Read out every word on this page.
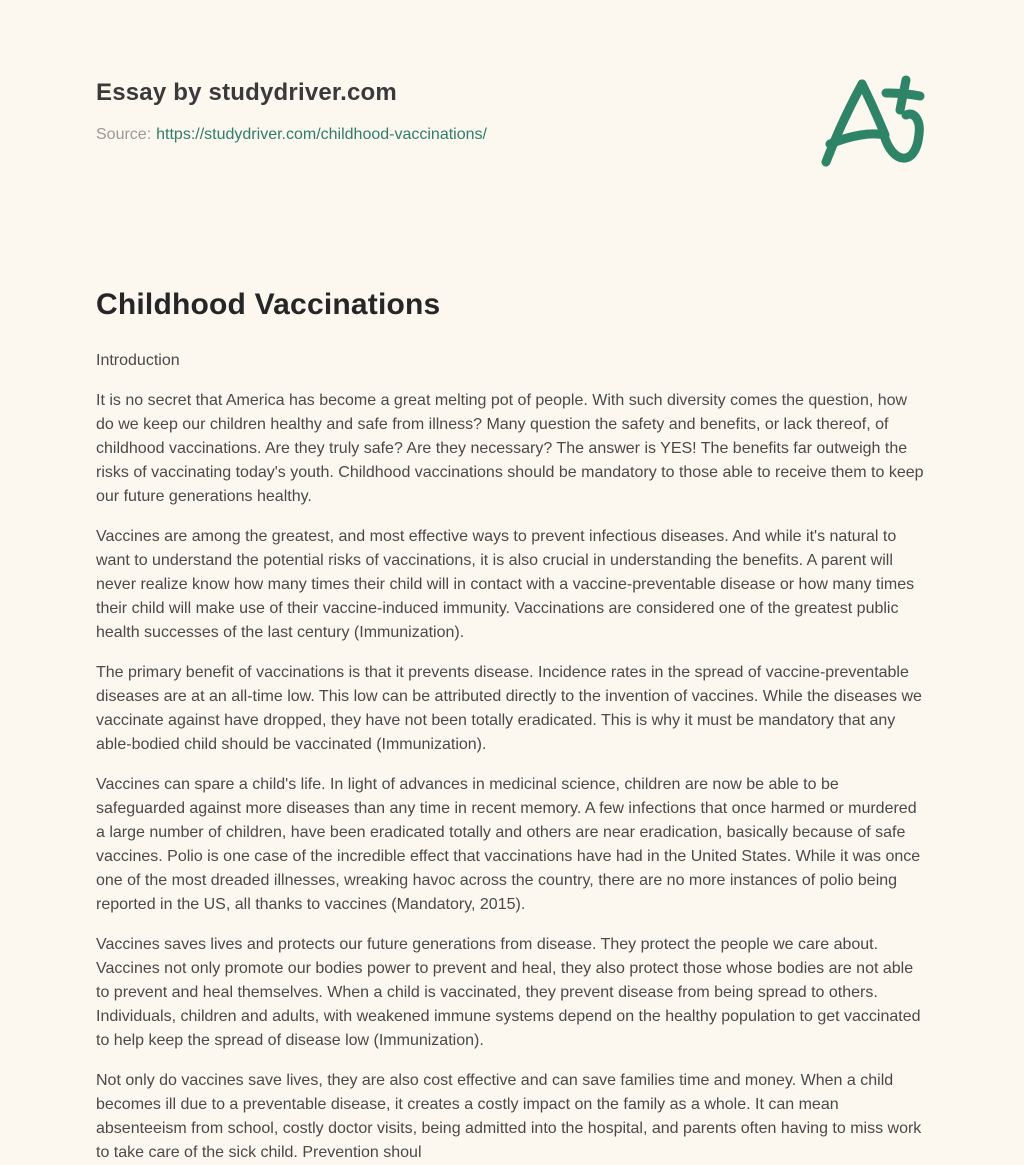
Essay by studydriver.com

Source: https://studydriver.com/childhood-vaccinations/

Childhood Vaccinations

Introduction

It is no secret that America has become a great melting pot of people. With such diversity comes the question, how do we keep our children healthy and safe from illness? Many question the safety and benefits, or lack thereof, of childhood vaccinations. Are they truly safe? Are they necessary? The answer is YES! The benefits far outweigh the risks of vaccinating today's youth. Childhood vaccinations should be mandatory to those able to receive them to keep our future generations healthy.

Vaccines are among the greatest, and most effective ways to prevent infectious diseases. And while it's natural to want to understand the potential risks of vaccinations, it is also crucial in understanding the benefits. A parent will never realize know how many times their child will in contact with a vaccine-preventable disease or how many times their child will make use of their vaccine-induced immunity. Vaccinations are considered one of the greatest public health successes of the last century (Immunization).

The primary benefit of vaccinations is that it prevents disease. Incidence rates in the spread of vaccine-preventable diseases are at an all-time low. This low can be attributed directly to the invention of vaccines. While the diseases we vaccinate against have dropped, they have not been totally eradicated. This is why it must be mandatory that any able-bodied child should be vaccinated (Immunization).

Vaccines can spare a child's life. In light of advances in medicinal science, children are now be able to be safeguarded against more diseases than any time in recent memory. A few infections that once harmed or murdered a large number of children, have been eradicated totally and others are near eradication, basically because of safe vaccines. Polio is one case of the incredible effect that vaccinations have had in the United States. While it was once one of the most dreaded illnesses, wreaking havoc across the country, there are no more instances of polio being reported in the US, all thanks to vaccines (Mandatory, 2015).

Vaccines saves lives and protects our future generations from disease. They protect the people we care about. Vaccines not only promote our bodies power to prevent and heal, they also protect those whose bodies are not able to prevent and heal themselves. When a child is vaccinated, they prevent disease from being spread to others. Individuals, children and adults, with weakened immune systems depend on the healthy population to get vaccinated to help keep the spread of disease low (Immunization).

Not only do vaccines save lives, they are also cost effective and can save families time and money. When a child becomes ill due to a preventable disease, it creates a costly impact on the family as a whole. It can mean absenteeism from school, costly doctor visits, being admitted into the hospital, and parents often having to miss work to take care of the sick child. Prevention shoul
